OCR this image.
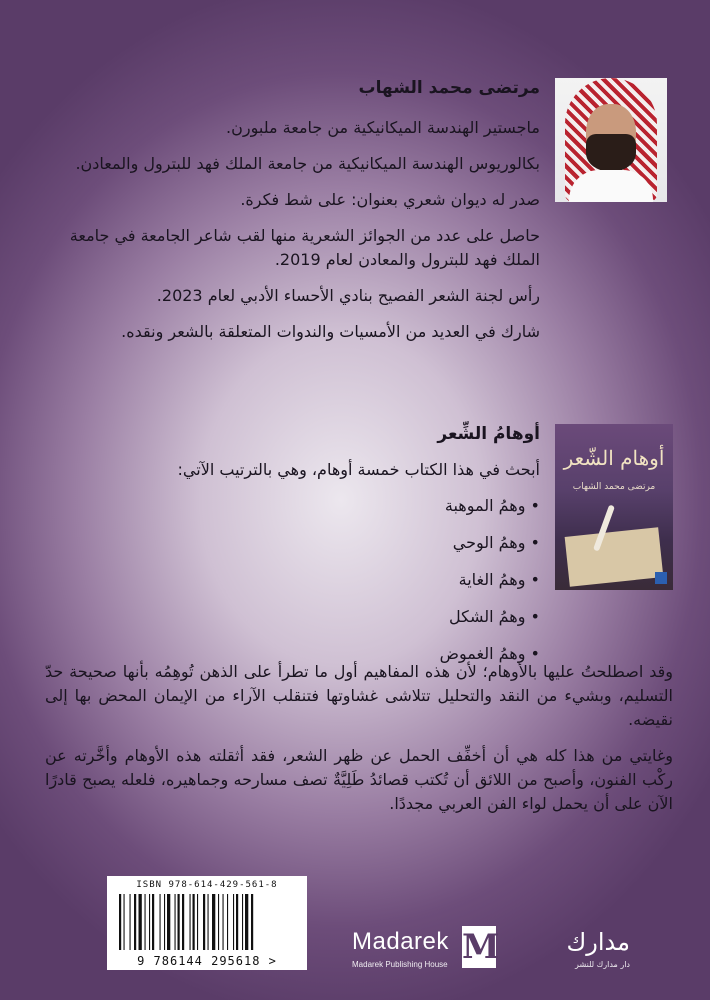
مرتضى محمد الشهاب

ماجستير الهندسة الميكانيكية من جامعة ملبورن.

بكالوريوس الهندسة الميكانيكية من جامعة الملك فهد للبترول والمعادن.

صدر له ديوان شعري بعنوان: على شط فكرة.

حاصل على عدد من الجوائز الشعرية منها لقب شاعر الجامعة في جامعة الملك فهد للبترول والمعادن لعام 2019.

رأس لجنة الشعر الفصيح بنادي الأحساء الأدبي لعام 2023.

شارك في العديد من الأمسيات والندوات المتعلقة بالشعر ونقده.

أوهام الشّعر
مرتضى محمد الشهاب
أوهامُ الشِّعر

أبحث في هذا الكتاب خمسة أوهام، وهي بالترتيب الآتي:

• وهمُ الموهبة
• وهمُ الوحي
• وهمُ الغاية
• وهمُ الشكل
• وهمُ الغموض

وقد اصطلحتُ عليها بالأوهام؛ لأن هذه المفاهيم أول ما تطرأ على الذهن تُوهِمُه بأنها صحيحة حدّ التسليم، وبشيء من النقد والتحليل تتلاشى غشاوتها فتنقلب الآراء من الإيمان المحض بها إلى نقيضه.

وغايتي من هذا كله هي أن أخفِّف الحمل عن ظهر الشعر، فقد أثقلته هذه الأوهام وأخَّرته عن ركْب الفنون، وأصبح من اللائق أن تُكتب قصائدُ طَلِيَّةٌ تصف مسارحه وجماهيره، فلعله يصبح قادرًا الآن على أن يحمل لواء الفن العربي مجددًا.

ISBN 978-614-429-561-8
9 786144 295618 >
Madarek
Madarek Publishing House M	مدارك
دار مدارك للنشر
